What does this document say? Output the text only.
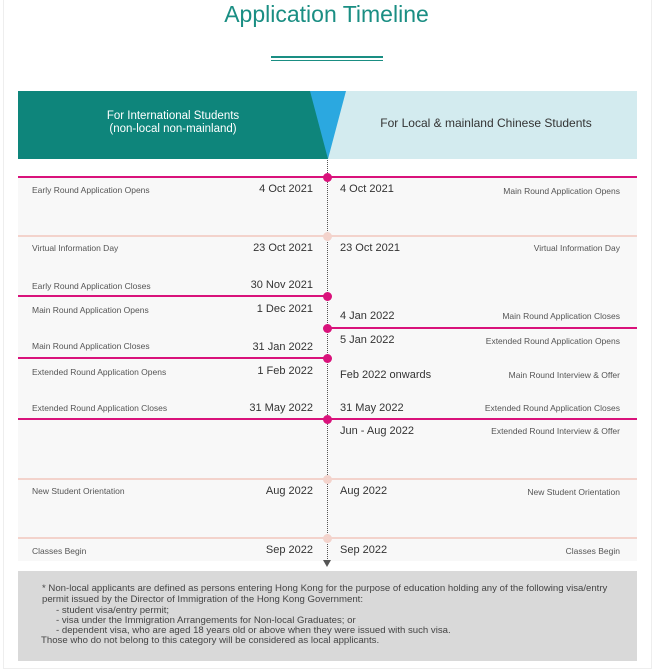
Application Timeline
For International Students
(non-local non-mainland)	For Local & mainland Chinese Students
Early Round Application Opens	4 Oct 2021
Virtual Information Day	23 Oct 2021
Early Round Application Closes	30 Nov 2021
Main Round Application Opens	1 Dec 2021
Main Round Application Closes	31 Jan 2022
Extended Round Application Opens	1 Feb 2022
Extended Round Application Closes	31 May 2022
New Student Orientation	Aug 2022
Classes Begin	Sep 2022
4 Oct 2021	Main Round Application Opens
23 Oct 2021	Virtual Information Day
4 Jan 2022	Main Round Application Closes
5 Jan 2022	Extended Round Application Opens
Feb 2022 onwards	Main Round Interview & Offer
31 May 2022	Extended Round Application Closes
Jun - Aug 2022	Extended Round Interview & Offer
Aug 2022	New Student Orientation
Sep 2022	Classes Begin
* Non-local applicants are defined as persons entering Hong Kong for the purpose of education holding any of the following visa/entry permit issued by the Director of Immigration of the Hong Kong Government:
- student visa/entry permit;
- visa under the Immigration Arrangements for Non-local Graduates; or
- dependent visa, who are aged 18 years old or above when they were issued with such visa.
Those who do not belong to this category will be considered as local applicants.
